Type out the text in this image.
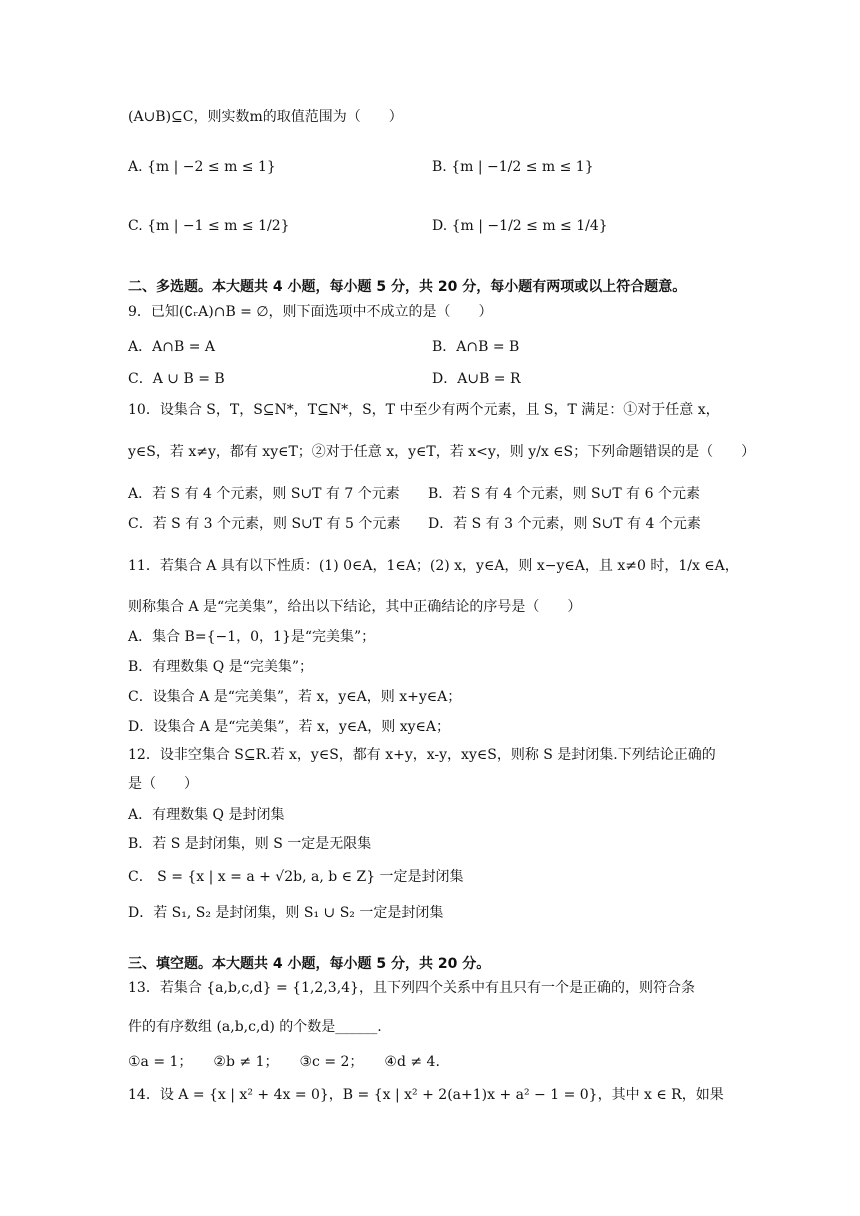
(A∪B)⊆C，则实数m的取值范围为（　　）
A. {m | −2 ≤ m ≤ 1}	B. {m | −1/2 ≤ m ≤ 1}
C. {m | −1 ≤ m ≤ 1/2}	D. {m | −1/2 ≤ m ≤ 1/4}
二、多选题。本大题共 4 小题，每小题 5 分，共 20 分，每小题有两项或以上符合题意。
9．已知(∁ᵣA)∩B = ∅，则下面选项中不成立的是（　　）
A．A∩B = A	B．A∩B = B
C．A ∪ B = B	D．A∪B = R
10．设集合 S，T，S⊆N*，T⊆N*，S，T 中至少有两个元素，且 S，T 满足：①对于任意 x，
y∈S，若 x≠y，都有 xy∈T；②对于任意 x，y∈T，若 x<y，则 y/x ∈S；下列命题错误的是（　　）
A．若 S 有 4 个元素，则 S∪T 有 7 个元素 B．若 S 有 4 个元素，则 S∪T 有 6 个元素
C．若 S 有 3 个元素，则 S∪T 有 5 个元素 D．若 S 有 3 个元素，则 S∪T 有 4 个元素
11．若集合 A 具有以下性质：(1) 0∈A，1∈A；(2) x，y∈A，则 x−y∈A，且 x≠0 时，1/x ∈A，
则称集合 A 是“完美集”，给出以下结论，其中正确结论的序号是（　　）
A．集合 B={−1，0，1}是“完美集”；
B．有理数集 Q 是“完美集”；
C．设集合 A 是“完美集”，若 x，y∈A，则 x+y∈A；
D．设集合 A 是“完美集”，若 x，y∈A，则 xy∈A；
12．设非空集合 S⊆R.若 x，y∈S，都有 x+y，x-y，xy∈S，则称 S 是封闭集.下列结论正确的
是（　　）
A．有理数集 Q 是封闭集
B．若 S 是封闭集，则 S 一定是无限集
C． S = {x | x = a + √2b, a, b ∈ Z} 一定是封闭集
D．若 S₁, S₂ 是封闭集，则 S₁ ∪ S₂ 一定是封闭集
三、填空题。本大题共 4 小题，每小题 5 分，共 20 分。
13．若集合 {a,b,c,d} = {1,2,3,4}，且下列四个关系中有且只有一个是正确的，则符合条
件的有序数组 (a,b,c,d) 的个数是______.
①a = 1；　　②b ≠ 1；　　③c = 2；　　④d ≠ 4.
14．设 A = {x | x² + 4x = 0}，B = {x | x² + 2(a+1)x + a² − 1 = 0}，其中 x ∈ R，如果
